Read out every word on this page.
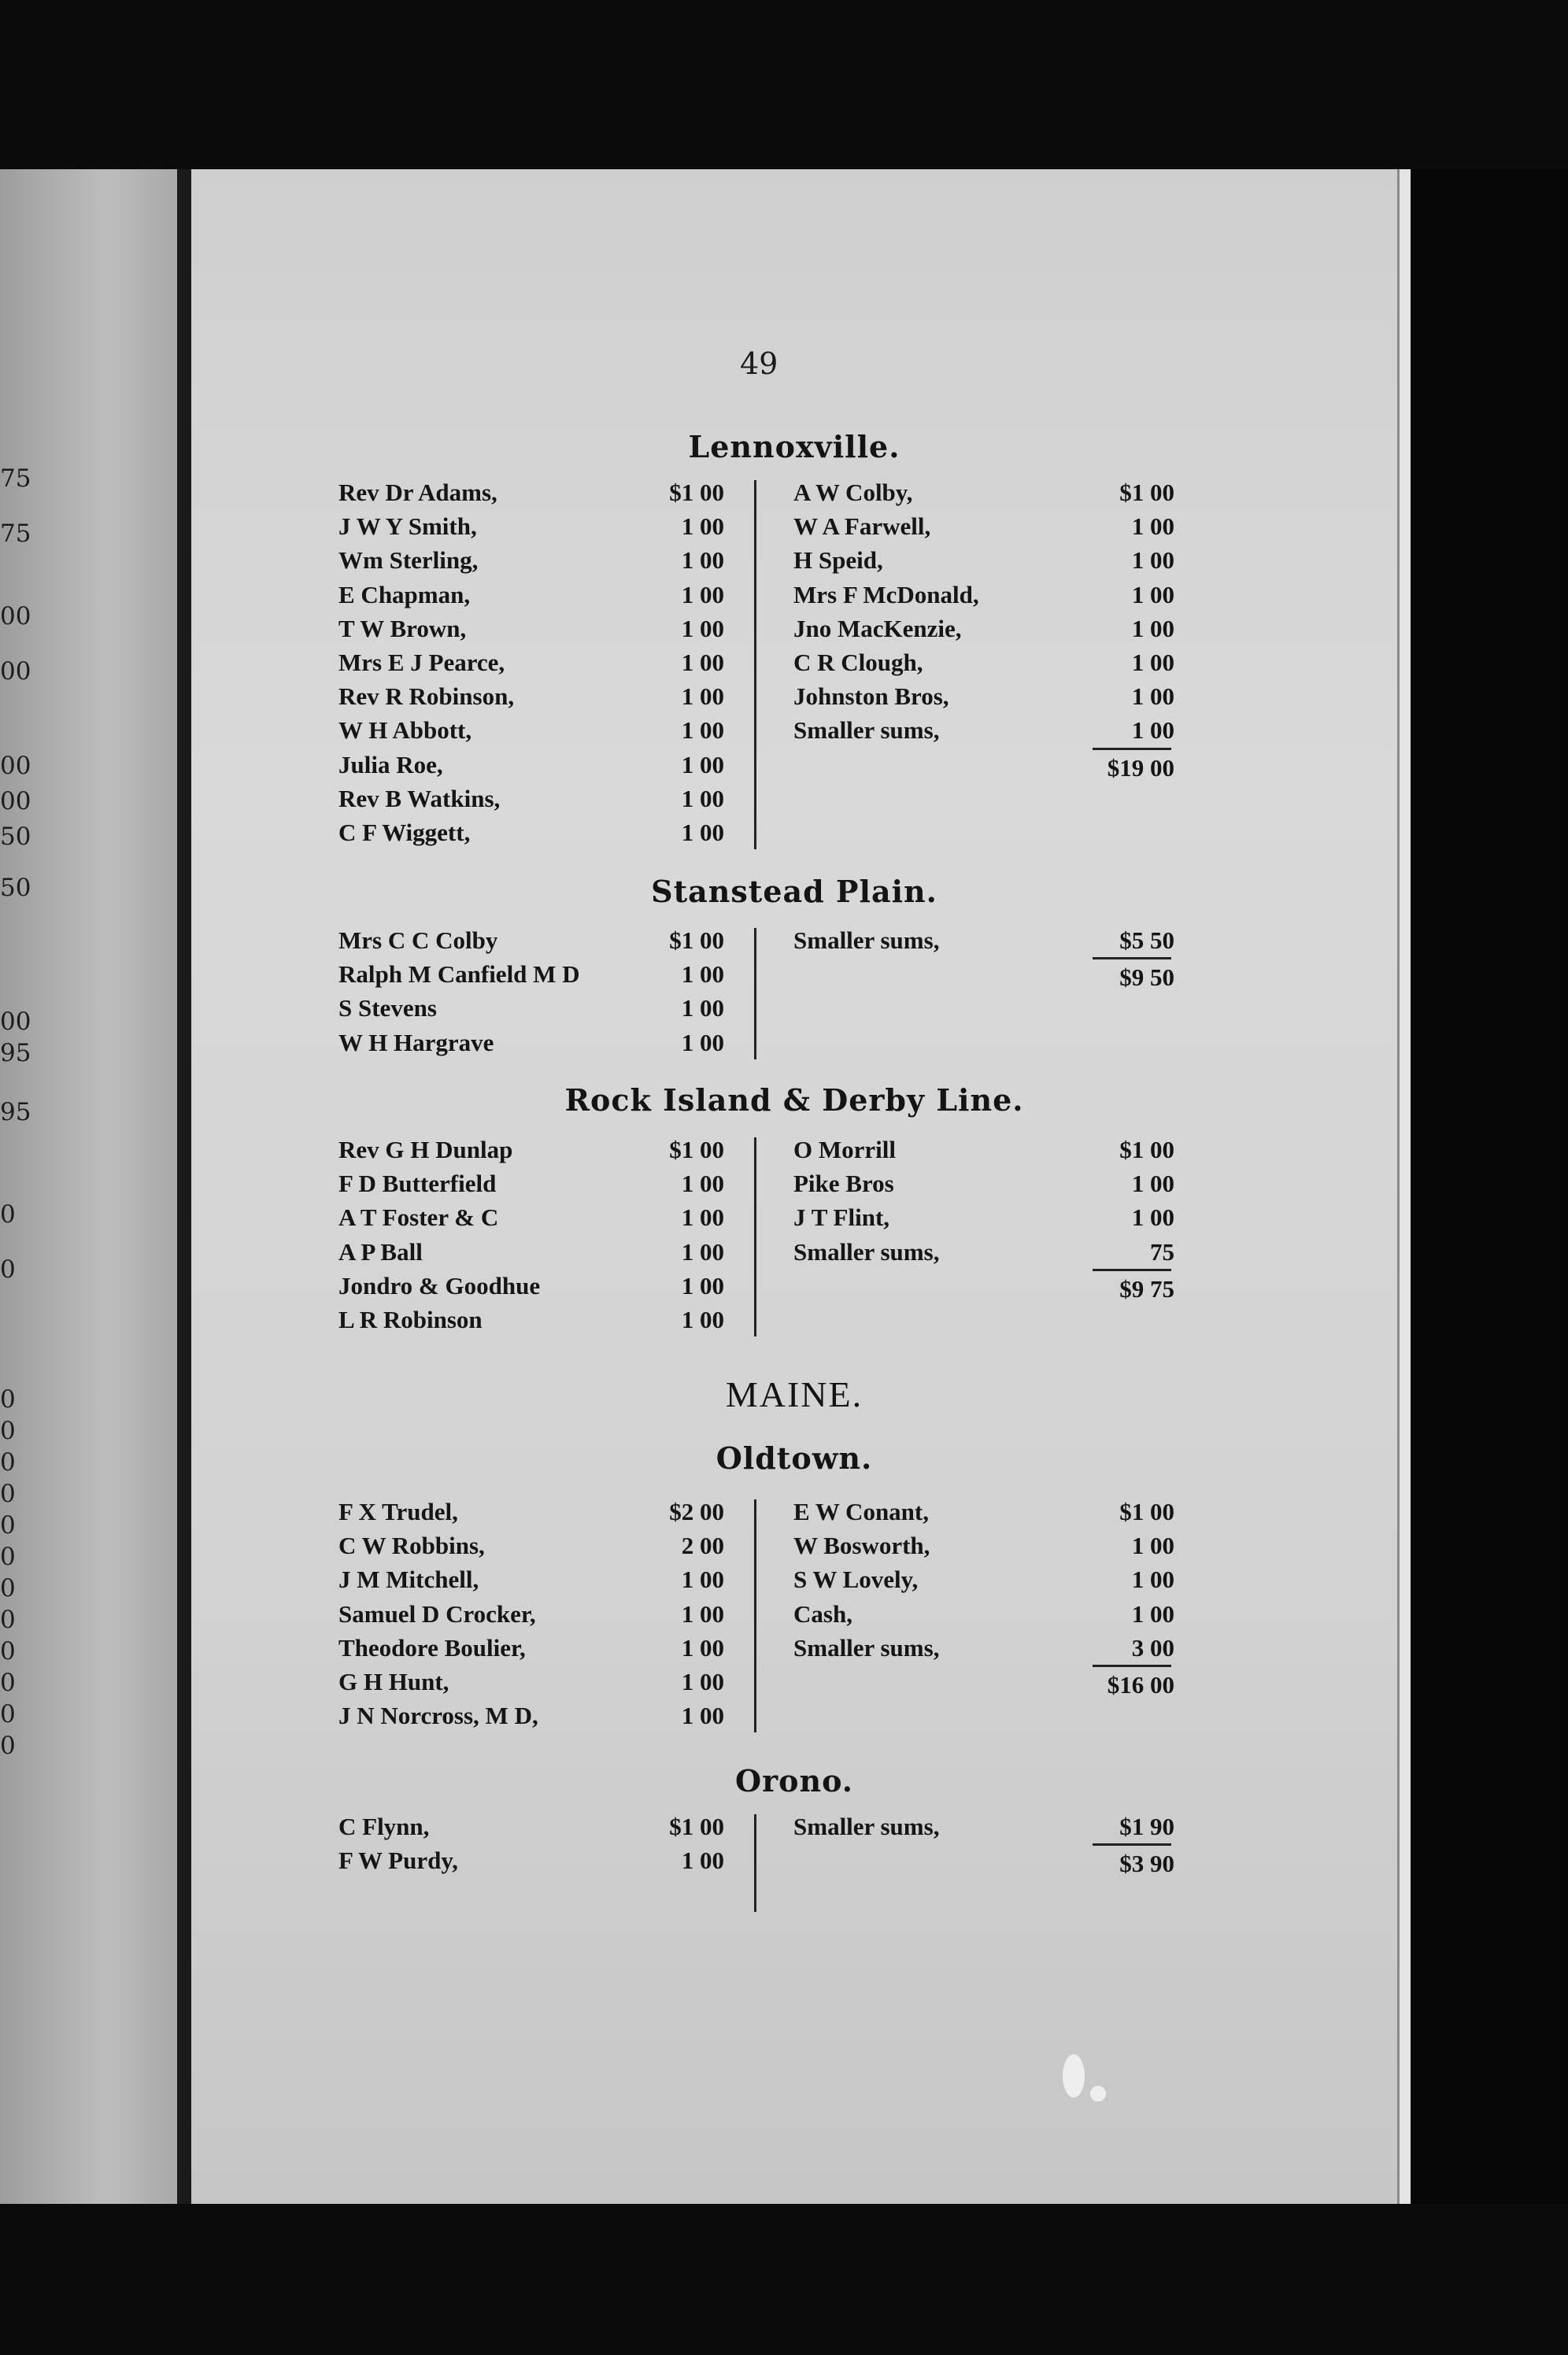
75
75
00
00
00
00
50
50
00
95
95
0
0
0
0
0
0
0
0
0
0
0
0
0
0
49
Lennoxville.
Rev Dr Adams,	$1 00
J W Y Smith,	1 00
Wm Sterling,	1 00
E Chapman,	1 00
T W Brown,	1 00
Mrs E J Pearce,	1 00
Rev R Robinson,	1 00
W H Abbott,	1 00
Julia Roe,	1 00
Rev B Watkins,	1 00
C F Wiggett,	1 00
A W Colby,	$1 00
W A Farwell,	1 00
H Speid,	1 00
Mrs F McDonald,	1 00
Jno MacKenzie,	1 00
C R Clough,	1 00
Johnston Bros,	1 00
Smaller sums,	1 00
$19 00
Stanstead Plain.
Mrs C C Colby	$1 00
Ralph M Canfield M D	1 00
S Stevens	1 00
W H Hargrave	1 00
Smaller sums,	$5 50
$9 50
Rock Island & Derby Line.
Rev G H Dunlap	$1 00
F D Butterfield	1 00
A T Foster & C	1 00
A P Ball	1 00
Jondro & Goodhue	1 00
L R Robinson	1 00
O Morrill	$1 00
Pike Bros	1 00
J T Flint,	1 00
Smaller sums,	75
$9 75
Oldtown.
F X Trudel,	$2 00
C W Robbins,	2 00
J M Mitchell,	1 00
Samuel D Crocker,	1 00
Theodore Boulier,	1 00
G H Hunt,	1 00
J N Norcross, M D,	1 00
E W Conant,	$1 00
W Bosworth,	1 00
S W Lovely,	1 00
Cash,	1 00
Smaller sums,	3 00
$16 00
Orono.
C Flynn,	$1 00
F W Purdy,	1 00
Smaller sums,	$1 90
$3 90
MAINE.
